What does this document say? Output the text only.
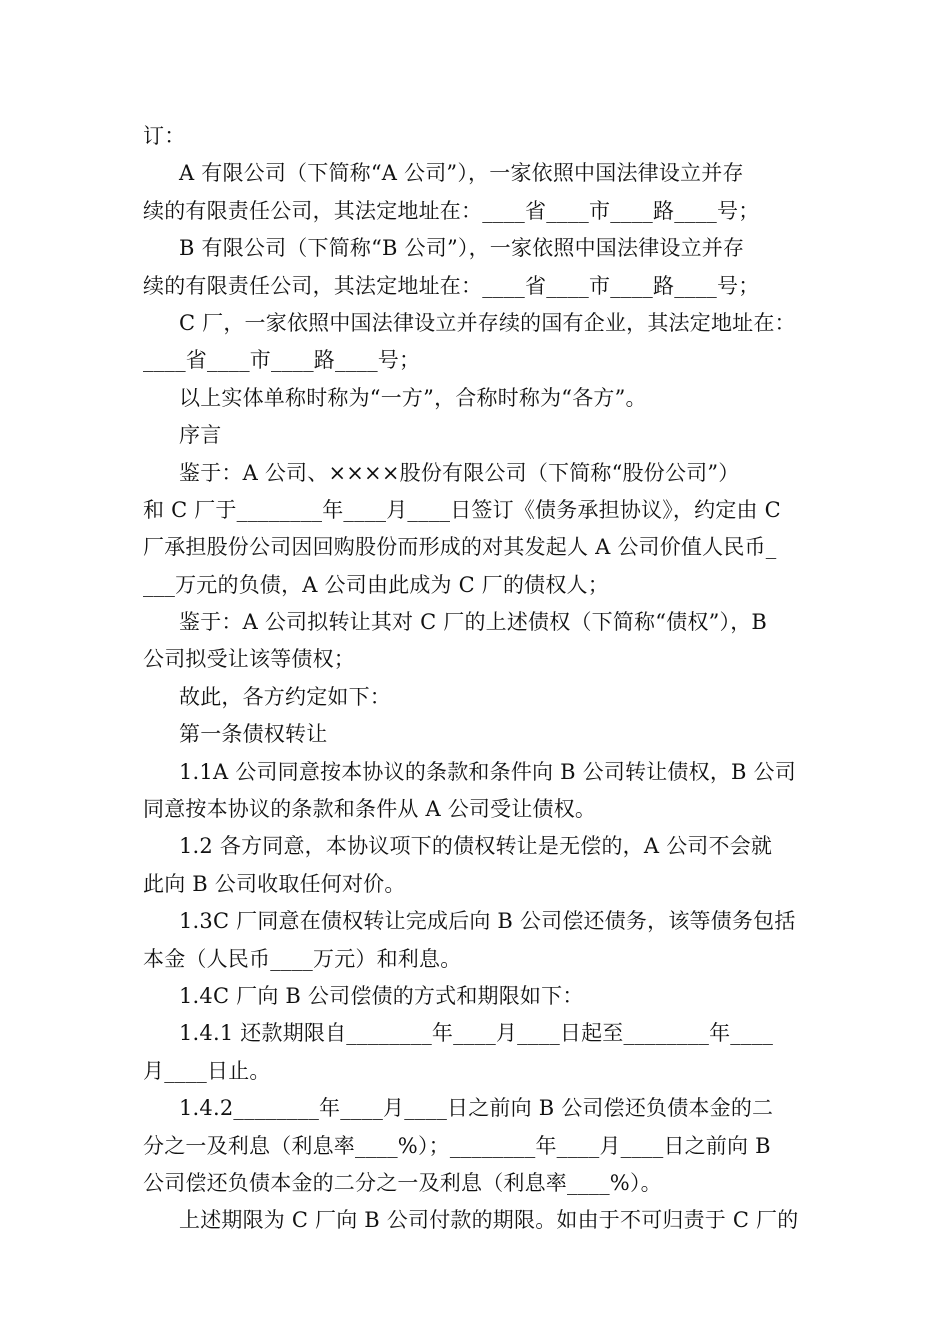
订：
A 有限公司（下简称“A 公司”），一家依照中国法律设立并存
续的有限责任公司，其法定地址在：____省____市____路____号；
B 有限公司（下简称“B 公司”），一家依照中国法律设立并存
续的有限责任公司，其法定地址在：____省____市____路____号；
C 厂，一家依照中国法律设立并存续的国有企业，其法定地址在：
____省____市____路____号；
以上实体单称时称为“一方”，合称时称为“各方”。
序言
鉴于：A 公司、××××股份有限公司（下简称“股份公司”）
和 C 厂于________年____月____日签订《债务承担协议》，约定由 C
厂承担股份公司因回购股份而形成的对其发起人 A 公司价值人民币_
___万元的负债，A 公司由此成为 C 厂的债权人；
鉴于：A 公司拟转让其对 C 厂的上述债权（下简称“债权”），B
公司拟受让该等债权；
故此，各方约定如下：
第一条债权转让
1.1A 公司同意按本协议的条款和条件向 B 公司转让债权，B 公司
同意按本协议的条款和条件从 A 公司受让债权。
1.2 各方同意，本协议项下的债权转让是无偿的，A 公司不会就
此向 B 公司收取任何对价。
1.3C 厂同意在债权转让完成后向 B 公司偿还债务，该等债务包括
本金（人民币____万元）和利息。
1.4C 厂向 B 公司偿债的方式和期限如下：
1.4.1 还款期限自________年____月____日起至________年____
月____日止。
1.4.2________年____月____日之前向 B 公司偿还负债本金的二
分之一及利息（利息率____%）；________年____月____日之前向 B
公司偿还负债本金的二分之一及利息（利息率____%）。
上述期限为 C 厂向 B 公司付款的期限。如由于不可归责于 C 厂的
